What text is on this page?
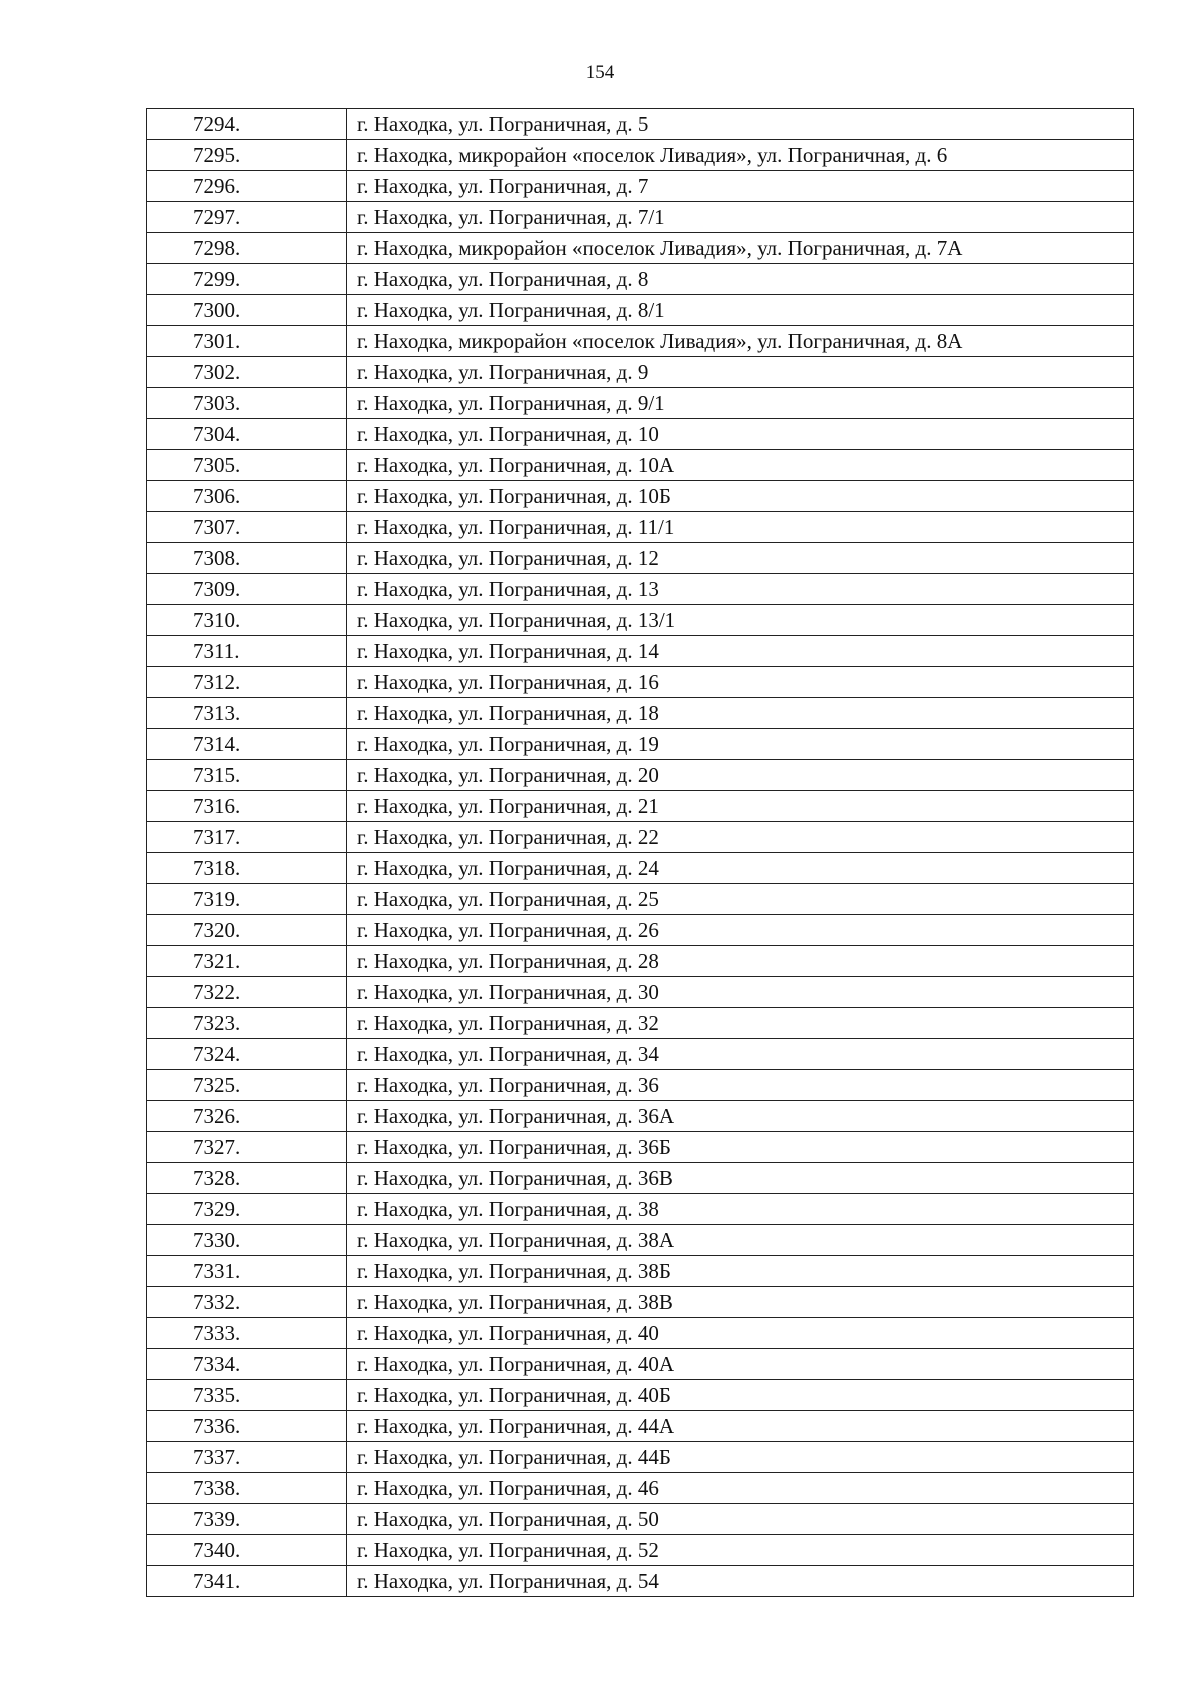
154
7294.	г. Находка, ул. Пограничная, д. 5
7295.	г. Находка, микрорайон «поселок Ливадия», ул. Пограничная, д. 6
7296.	г. Находка, ул. Пограничная, д. 7
7297.	г. Находка, ул. Пограничная, д. 7/1
7298.	г. Находка, микрорайон «поселок Ливадия», ул. Пограничная, д. 7А
7299.	г. Находка, ул. Пограничная, д. 8
7300.	г. Находка, ул. Пограничная, д. 8/1
7301.	г. Находка, микрорайон «поселок Ливадия», ул. Пограничная, д. 8А
7302.	г. Находка, ул. Пограничная, д. 9
7303.	г. Находка, ул. Пограничная, д. 9/1
7304.	г. Находка, ул. Пограничная, д. 10
7305.	г. Находка, ул. Пограничная, д. 10А
7306.	г. Находка, ул. Пограничная, д. 10Б
7307.	г. Находка, ул. Пограничная, д. 11/1
7308.	г. Находка, ул. Пограничная, д. 12
7309.	г. Находка, ул. Пограничная, д. 13
7310.	г. Находка, ул. Пограничная, д. 13/1
7311.	г. Находка, ул. Пограничная, д. 14
7312.	г. Находка, ул. Пограничная, д. 16
7313.	г. Находка, ул. Пограничная, д. 18
7314.	г. Находка, ул. Пограничная, д. 19
7315.	г. Находка, ул. Пограничная, д. 20
7316.	г. Находка, ул. Пограничная, д. 21
7317.	г. Находка, ул. Пограничная, д. 22
7318.	г. Находка, ул. Пограничная, д. 24
7319.	г. Находка, ул. Пограничная, д. 25
7320.	г. Находка, ул. Пограничная, д. 26
7321.	г. Находка, ул. Пограничная, д. 28
7322.	г. Находка, ул. Пограничная, д. 30
7323.	г. Находка, ул. Пограничная, д. 32
7324.	г. Находка, ул. Пограничная, д. 34
7325.	г. Находка, ул. Пограничная, д. 36
7326.	г. Находка, ул. Пограничная, д. 36А
7327.	г. Находка, ул. Пограничная, д. 36Б
7328.	г. Находка, ул. Пограничная, д. 36В
7329.	г. Находка, ул. Пограничная, д. 38
7330.	г. Находка, ул. Пограничная, д. 38А
7331.	г. Находка, ул. Пограничная, д. 38Б
7332.	г. Находка, ул. Пограничная, д. 38В
7333.	г. Находка, ул. Пограничная, д. 40
7334.	г. Находка, ул. Пограничная, д. 40А
7335.	г. Находка, ул. Пограничная, д. 40Б
7336.	г. Находка, ул. Пограничная, д. 44А
7337.	г. Находка, ул. Пограничная, д. 44Б
7338.	г. Находка, ул. Пограничная, д. 46
7339.	г. Находка, ул. Пограничная, д. 50
7340.	г. Находка, ул. Пограничная, д. 52
7341.	г. Находка, ул. Пограничная, д. 54
